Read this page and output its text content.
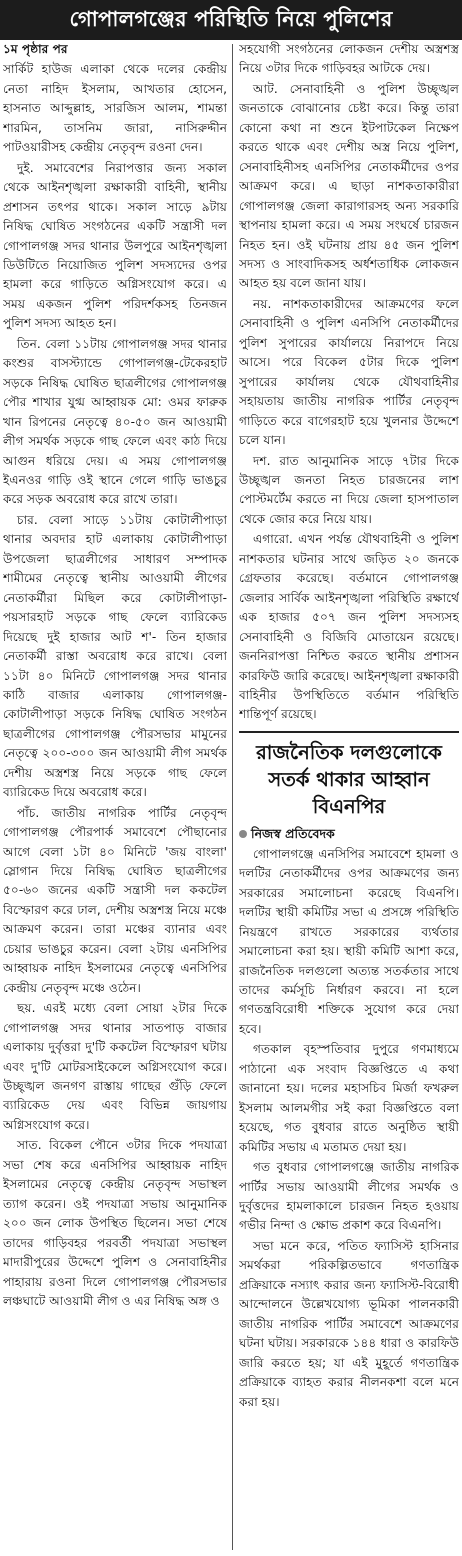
গোপালগঞ্জের পরিস্থিতি নিয়ে পুলিশের

১ম পৃষ্ঠার পর

সার্কিট হাউজ এলাকা থেকে দলের কেন্দ্রীয় নেতা নাহিদ ইসলাম, আখতার হোসেন, হাসনাত আব্দুল্লাহ, সারজিস আলম, শামন্তা শারমিন, তাসনিম জারা, নাসিরুদ্দীন পাটওয়ারীসহ কেন্দ্রীয় নেতৃবৃন্দ রওনা দেন।

দুই. সমাবেশের নিরাপত্তার জন্য সকাল থেকে আইনশৃঙ্খলা রক্ষাকারী বাহিনী, স্থানীয় প্রশাসন তৎপর থাকে। সকাল সাড়ে ৯টায় নিষিদ্ধ ঘোষিত সংগঠনের একটি সন্ত্রাসী দল গোপালগঞ্জ সদর থানার উলপুরে আইনশৃঙ্খলা ডিউটিতে নিয়োজিত পুলিশ সদস্যদের ওপর হামলা করে গাড়িতে অগ্নিসংযোগ করে। এ সময় একজন পুলিশ পরিদর্শকসহ তিনজন পুলিশ সদস্য আহত হন।

তিন. বেলা ১১টায় গোপালগঞ্জ সদর থানার কংশুর বাসস্ট্যান্ডে গোপালগঞ্জ-টেকেরহাট সড়কে নিষিদ্ধ ঘোষিত ছাত্রলীগের গোপালগঞ্জ পৌর শাখার যুগ্ম আহ্বায়ক মো: ওমর ফারুক খান রিপনের নেতৃত্বে ৪০-৫০ জন আওয়ামী লীগ সমর্থক সড়কে গাছ ফেলে এবং কাঠ দিয়ে আগুন ধরিয়ে দেয়। এ সময় গোপালগঞ্জ ইএনওর গাড়ি ওই স্থানে গেলে গাড়ি ভাঙচুর করে সড়ক অবরোধ করে রাখে তারা।

চার. বেলা সাড়ে ১১টায় কোটালীপাড়া থানার অবদার হাট এলাকায় কোটালীপাড়া উপজেলা ছাত্রলীগের সাধারণ সম্পাদক শামীমের নেতৃত্বে স্থানীয় আওয়ামী লীগের নেতাকর্মীরা মিছিল করে কোটালীপাড়া-পয়সারহাট সড়কে গাছ ফেলে ব্যারিকেড দিয়েছে দুই হাজার আট শ'- তিন হাজার নেতাকর্মী রাস্তা অবরোধ করে রাখে। বেলা ১১টা ৪০ মিনিটে গোপালগঞ্জ সদর থানার কাঠি বাজার এলাকায় গোপালগঞ্জ-কোটালীপাড়া সড়কে নিষিদ্ধ ঘোষিত সংগঠন ছাত্রলীগের গোপালগঞ্জ পৌরসভার মামুনের নেতৃত্বে ২০০-৩০০ জন আওয়ামী লীগ সমর্থক দেশীয় অস্ত্রশস্ত্র নিয়ে সড়কে গাছ ফেলে ব্যারিকেড দিয়ে অবরোধ করে।

পাঁচ. জাতীয় নাগরিক পার্টির নেতৃবৃন্দ গোপালগঞ্জ পৌরপার্ক সমাবেশে পৌছানোর আগে বেলা ১টা ৪০ মিনিটে 'জয় বাংলা' স্লোগান দিয়ে নিষিদ্ধ ঘোষিত ছাত্রলীগের ৫০-৬০ জনের একটি সন্ত্রাসী দল ককটেল বিস্ফোরণ করে ঢাল, দেশীয় অস্ত্রশস্ত্র নিয়ে মঞ্চে আক্রমণ করেন। তারা মঞ্চের ব্যানার এবং চেয়ার ভাঙচুর করেন। বেলা ২টায় এনসিপির আহ্বায়ক নাহিদ ইসলামের নেতৃত্বে এনসিপির কেন্দ্রীয় নেতৃবৃন্দ মঞ্চে ওঠেন।

ছয়. এরই মধ্যে বেলা সোয়া ২টার দিকে গোপালগঞ্জ সদর থানার সাতপাড় বাজার এলাকায় দুর্বৃত্তরা দু'টি ককটেল বিস্ফোরণ ঘটায় এবং দু'টি মোটরসাইকেলে অগ্নিসংযোগ করে। উচ্ছৃঙ্খল জনগণ রাস্তায় গাছের গুঁড়ি ফেলে ব্যারিকেড দেয় এবং বিভিন্ন জায়গায় অগ্নিসংযোগ করে।

সাত. বিকেল পৌনে ৩টার দিকে পদযাত্রা সভা শেষ করে এনসিপির আহ্বায়ক নাহিদ ইসলামের নেতৃত্বে কেন্দ্রীয় নেতৃবৃন্দ সভাস্থল ত্যাগ করেন। ওই পদযাত্রা সভায় আনুমানিক ২০০ জন লোক উপস্থিত ছিলেন। সভা শেষে তাদের গাড়িবহর পরবর্তী পদযাত্রা সভাস্থল মাদারীপুরের উদ্দেশে পুলিশ ও সেনাবাহিনীর পাহারায় রওনা দিলে গোপালগঞ্জ পৌরসভার লঞ্চঘাটে আওয়ামী লীগ ও এর নিষিদ্ধ অঙ্গ ও

সহযোগী সংগঠনের লোকজন দেশীয় অস্ত্রশস্ত্র নিয়ে ৩টার দিকে গাড়িবহর আটকে দেয়।

আট. সেনাবাহিনী ও পুলিশ উচ্ছৃঙ্খল জনতাকে বোঝানোর চেষ্টা করে। কিন্তু তারা কোনো কথা না শুনে ইটপাটকেল নিক্ষেপ করতে থাকে এবং দেশীয় অস্ত্র নিয়ে পুলিশ, সেনাবাহিনীসহ এনসিপির নেতাকর্মীদের ওপর আক্রমণ করে। এ ছাড়া নাশকতাকারীরা গোপালগঞ্জ জেলা কারাগারসহ অন্য সরকারি স্থাপনায় হামলা করে। এ সময় সংঘর্ষে চারজন নিহত হন। ওই ঘটনায় প্রায় ৪৫ জন পুলিশ সদস্য ও সাংবাদিকসহ অর্ধশতাধিক লোকজন আহত হয় বলে জানা যায়।

নয়. নাশকতাকারীদের আক্রমণের ফলে সেনাবাহিনী ও পুলিশ এনসিপি নেতাকর্মীদের পুলিশ সুপারের কার্যালয়ে নিরাপদে নিয়ে আসে। পরে বিকেল ৫টার দিকে পুলিশ সুপারের কার্যালয় থেকে যৌথবাহিনীর সহায়তায় জাতীয় নাগরিক পার্টির নেতৃবৃন্দ গাড়িতে করে বাগেরহাট হয়ে খুলনার উদ্দেশে চলে যান।

দশ. রাত আনুমানিক সাড়ে ৭টার দিকে উচ্ছৃঙ্খল জনতা নিহত চারজনের লাশ পোস্টমর্টেম করতে না দিয়ে জেলা হাসপাতাল থেকে জোর করে নিয়ে যায়।

এগারো. এখন পর্যন্ত যৌথবাহিনী ও পুলিশ নাশকতার ঘটনার সাথে জড়িত ২০ জনকে গ্রেফতার করেছে। বর্তমানে গোপালগঞ্জ জেলার সার্বিক আইনশৃঙ্খলা পরিস্থিতি রক্ষার্থে এক হাজার ৫০৭ জন পুলিশ সদস্যসহ সেনাবাহিনী ও বিজিবি মোতায়েন রয়েছে। জননিরাপত্তা নিশ্চিত করতে স্থানীয় প্রশাসন কারফিউ জারি করেছে। আইনশৃঙ্খলা রক্ষাকারী বাহিনীর উপস্থিতিতে বর্তমান পরিস্থিতি শান্তিপূর্ণ রয়েছে।

রাজনৈতিক দলগুলোকে সতর্ক থাকার আহ্বান বিএনপির
নিজস্ব প্রতিবেদক

গোপালগঞ্জে এনসিপির সমাবেশে হামলা ও দলটির নেতাকর্মীদের ওপর আক্রমণের জন্য সরকারের সমালোচনা করেছে বিএনপি। দলটির স্থায়ী কমিটির সভা এ প্রসঙ্গে পরিস্থিতি নিয়ন্ত্রণে রাখতে সরকারের ব্যর্থতার সমালোচনা করা হয়। স্থায়ী কমিটি আশা করে, রাজনৈতিক দলগুলো অত্যন্ত সতর্কতার সাথে তাদের কর্মসূচি নির্ধারণ করবে। না হলে গণতন্ত্রবিরোধী শক্তিকে সুযোগ করে দেয়া হবে।

গতকাল বৃহস্পতিবার দুপুরে গণমাধ্যমে পাঠানো এক সংবাদ বিজ্ঞপ্তিতে এ কথা জানানো হয়। দলের মহাসচিব মির্জা ফখরুল ইসলাম আলমগীর সই করা বিজ্ঞপ্তিতে বলা হয়েছে, গত বুধবার রাতে অনুষ্ঠিত স্থায়ী কমিটির সভায় এ মতামত দেয়া হয়।

গত বুধবার গোপালগঞ্জে জাতীয় নাগরিক পার্টির সভায় আওয়ামী লীগের সমর্থক ও দুর্বৃত্তদের হামলাকালে চারজন নিহত হওয়ায় গভীর নিন্দা ও ক্ষোভ প্রকাশ করে বিএনপি।

সভা মনে করে, পতিত ফ্যাসিস্ট হাসিনার সমর্থকরা পরিকল্পিতভাবে গণতান্ত্রিক প্রক্রিয়াকে নস্যাৎ করার জন্য ফ্যাসিস্ট-বিরোধী আন্দোলনে উল্লেখযোগ্য ভূমিকা পালনকারী জাতীয় নাগরিক পার্টির সমাবেশে আক্রমণের ঘটনা ঘটায়। সরকারকে ১৪৪ ধারা ও কারফিউ জারি করতে হয়; যা এই মুহূর্তে গণতান্ত্রিক প্রক্রিয়াকে ব্যাহত করার নীলনকশা বলে মনে করা হয়।
